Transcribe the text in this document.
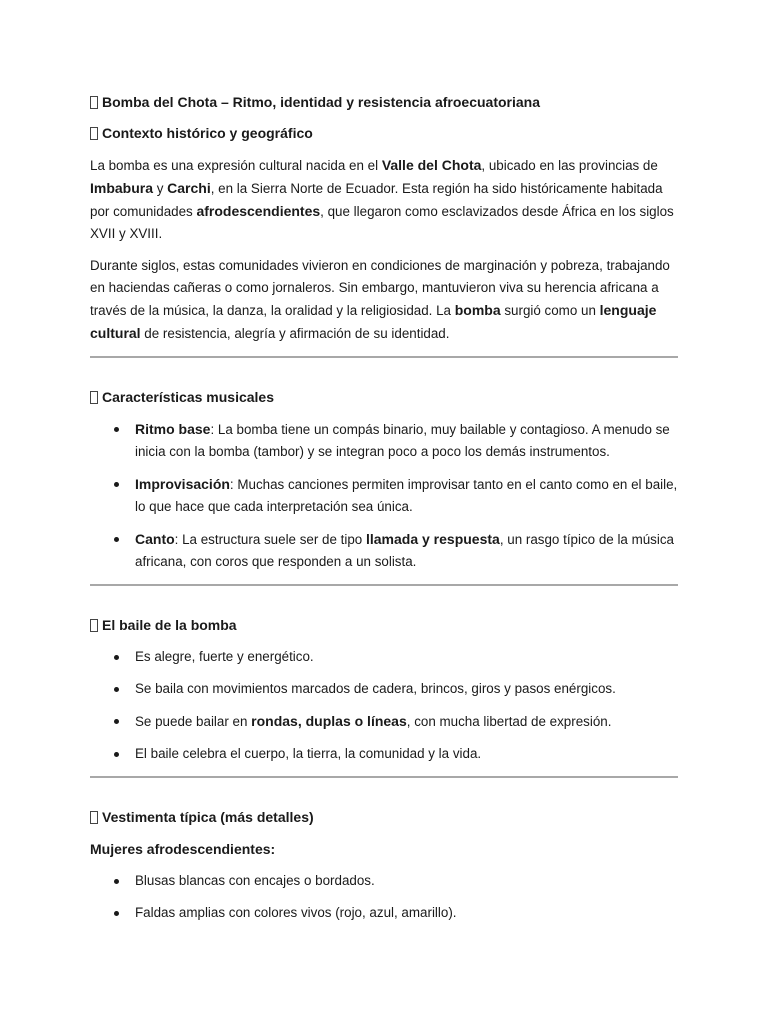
Bomba del Chota – Ritmo, identidad y resistencia afroecuatoriana
Contexto histórico y geográfico

La bomba es una expresión cultural nacida en el Valle del Chota, ubicado en las provincias de Imbabura y Carchi, en la Sierra Norte de Ecuador. Esta región ha sido históricamente habitada por comunidades afrodescendientes, que llegaron como esclavizados desde África en los siglos XVII y XVIII.

Durante siglos, estas comunidades vivieron en condiciones de marginación y pobreza, trabajando en haciendas cañeras o como jornaleros. Sin embargo, mantuvieron viva su herencia africana a través de la música, la danza, la oralidad y la religiosidad. La bomba surgió como un lenguaje cultural de resistencia, alegría y afirmación de su identidad.

Características musicales
Ritmo base: La bomba tiene un compás binario, muy bailable y contagioso. A menudo se inicia con la bomba (tambor) y se integran poco a poco los demás instrumentos.
Improvisación: Muchas canciones permiten improvisar tanto en el canto como en el baile, lo que hace que cada interpretación sea única.
Canto: La estructura suele ser de tipo llamada y respuesta, un rasgo típico de la música africana, con coros que responden a un solista.
El baile de la bomba
Es alegre, fuerte y energético.
Se baila con movimientos marcados de cadera, brincos, giros y pasos enérgicos.
Se puede bailar en rondas, duplas o líneas, con mucha libertad de expresión.
El baile celebra el cuerpo, la tierra, la comunidad y la vida.
Vestimenta típica (más detalles)
Mujeres afrodescendientes:
Blusas blancas con encajes o bordados.
Faldas amplias con colores vivos (rojo, azul, amarillo).
